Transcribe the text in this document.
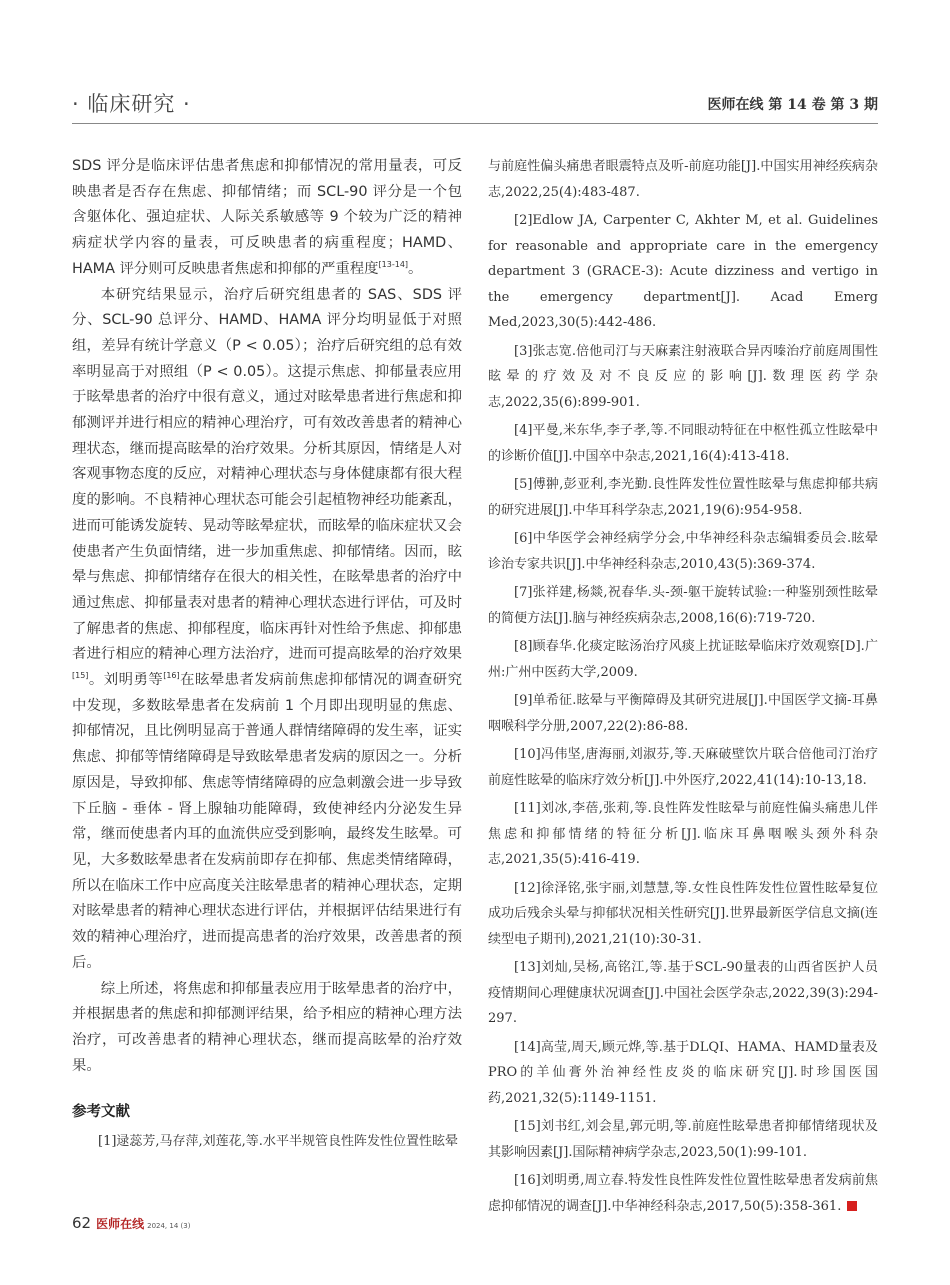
· 临床研究 ·	医师在线 第 14 卷 第 3 期

SDS 评分是临床评估患者焦虑和抑郁情况的常用量表，可反映患者是否存在焦虑、抑郁情绪；而 SCL-90 评分是一个包含躯体化、强迫症状、人际关系敏感等 9 个较为广泛的精神病症状学内容的量表，可反映患者的病重程度；HAMD、HAMA 评分则可反映患者焦虑和抑郁的严重程度[13-14]。

本研究结果显示，治疗后研究组患者的 SAS、SDS 评分、SCL-90 总评分、HAMD、HAMA 评分均明显低于对照组，差异有统计学意义（P < 0.05）；治疗后研究组的总有效率明显高于对照组（P < 0.05）。这提示焦虑、抑郁量表应用于眩晕患者的治疗中很有意义，通过对眩晕患者进行焦虑和抑郁测评并进行相应的精神心理治疗，可有效改善患者的精神心理状态，继而提高眩晕的治疗效果。分析其原因，情绪是人对客观事物态度的反应，对精神心理状态与身体健康都有很大程度的影响。不良精神心理状态可能会引起植物神经功能紊乱，进而可能诱发旋转、晃动等眩晕症状，而眩晕的临床症状又会使患者产生负面情绪，进一步加重焦虑、抑郁情绪。因而，眩晕与焦虑、抑郁情绪存在很大的相关性，在眩晕患者的治疗中通过焦虑、抑郁量表对患者的精神心理状态进行评估，可及时了解患者的焦虑、抑郁程度，临床再针对性给予焦虑、抑郁患者进行相应的精神心理方法治疗，进而可提高眩晕的治疗效果[15]。刘明勇等[16]在眩晕患者发病前焦虑抑郁情况的调查研究中发现，多数眩晕患者在发病前 1 个月即出现明显的焦虑、抑郁情况，且比例明显高于普通人群情绪障碍的发生率，证实焦虑、抑郁等情绪障碍是导致眩晕患者发病的原因之一。分析原因是，导致抑郁、焦虑等情绪障碍的应急刺激会进一步导致下丘脑 - 垂体 - 肾上腺轴功能障碍，致使神经内分泌发生异常，继而使患者内耳的血流供应受到影响，最终发生眩晕。可见，大多数眩晕患者在发病前即存在抑郁、焦虑类情绪障碍，所以在临床工作中应高度关注眩晕患者的精神心理状态，定期对眩晕患者的精神心理状态进行评估，并根据评估结果进行有效的精神心理治疗，进而提高患者的治疗效果，改善患者的预后。

综上所述，将焦虑和抑郁量表应用于眩晕患者的治疗中，并根据患者的焦虑和抑郁测评结果，给予相应的精神心理方法治疗，可改善患者的精神心理状态，继而提高眩晕的治疗效果。

参考文献

[1]逯蕊芳,马存萍,刘莲花,等.水平半规管良性阵发性位置性眩晕

与前庭性偏头痛患者眼震特点及听-前庭功能[J].中国实用神经疾病杂志,2022,25(4):483-487.

[2]Edlow JA, Carpenter C, Akhter M, et al. Guidelines for reasonable and appropriate care in the emergency department 3 (GRACE-3): Acute dizziness and vertigo in the emergency department[J]. Acad Emerg Med,2023,30(5):442-486.

[3]张志宽.倍他司汀与天麻素注射液联合异丙嗪治疗前庭周围性眩晕的疗效及对不良反应的影响[J].数理医药学杂志,2022,35(6):899-901.

[4]平曼,米东华,李子孝,等.不同眼动特征在中枢性孤立性眩晕中的诊断价值[J].中国卒中杂志,2021,16(4):413-418.

[5]傅翀,彭亚利,李光勤.良性阵发性位置性眩晕与焦虑抑郁共病的研究进展[J].中华耳科学杂志,2021,19(6):954-958.

[6]中华医学会神经病学分会,中华神经科杂志编辑委员会.眩晕诊治专家共识[J].中华神经科杂志,2010,43(5):369-374.

[7]张祥建,杨燚,祝春华.头-颈-躯干旋转试验:一种鉴别颈性眩晕的简便方法[J].脑与神经疾病杂志,2008,16(6):719-720.

[8]顾春华.化痰定眩汤治疗风痰上扰证眩晕临床疗效观察[D].广州:广州中医药大学,2009.

[9]单希征.眩晕与平衡障碍及其研究进展[J].中国医学文摘-耳鼻咽喉科学分册,2007,22(2):86-88.

[10]冯伟坚,唐海丽,刘淑芬,等.天麻破壁饮片联合倍他司汀治疗前庭性眩晕的临床疗效分析[J].中外医疗,2022,41(14):10-13,18.

[11]刘冰,李蓓,张莉,等.良性阵发性眩晕与前庭性偏头痛患儿伴焦虑和抑郁情绪的特征分析[J].临床耳鼻咽喉头颈外科杂志,2021,35(5):416-419.

[12]徐泽铭,张宇丽,刘慧慧,等.女性良性阵发性位置性眩晕复位成功后残余头晕与抑郁状况相关性研究[J].世界最新医学信息文摘(连续型电子期刊),2021,21(10):30-31.

[13]刘灿,吴杨,高铭江,等.基于SCL-90量表的山西省医护人员疫情期间心理健康状况调查[J].中国社会医学杂志,2022,39(3):294-297.

[14]高莹,周天,顾元烨,等.基于DLQI、HAMA、HAMD量表及PRO的羊仙膏外治神经性皮炎的临床研究[J].时珍国医国药,2021,32(5):1149-1151.

[15]刘书红,刘会星,郭元明,等.前庭性眩晕患者抑郁情绪现状及其影响因素[J].国际精神病学杂志,2023,50(1):99-101.

[16]刘明勇,周立春.特发性良性阵发性位置性眩晕患者发病前焦虑抑郁情况的调查[J].中华神经科杂志,2017,50(5):358-361.

62 医师在线 2024, 14 (3)
